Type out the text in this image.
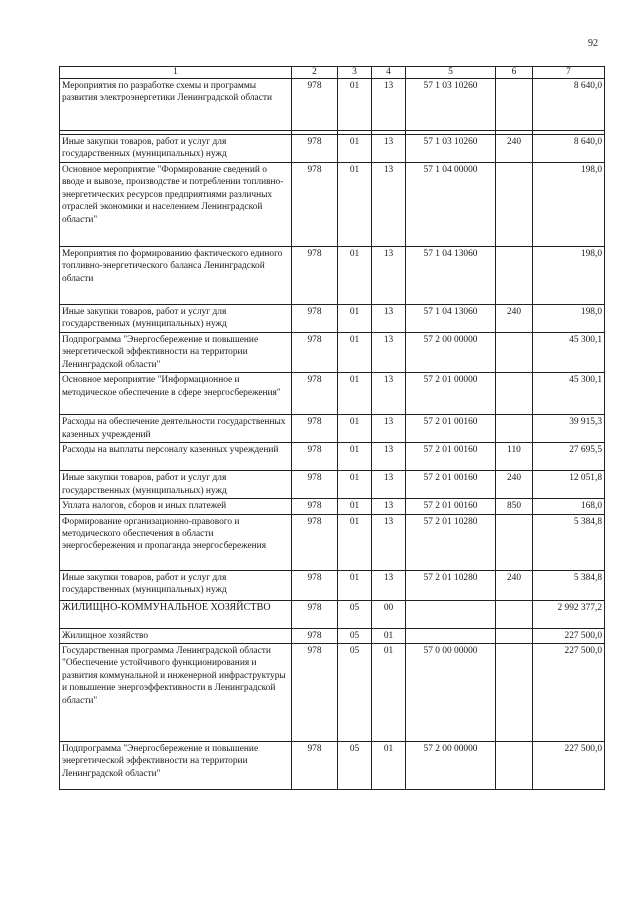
92
1	2	3	4	5	6	7
Мероприятия по разработке схемы и программы развития электроэнергетики Ленинградской области	978	01	13	57 1 03 10260		8 640,0

Иные закупки товаров, работ и услуг для государственных (муниципальных) нужд	978	01	13	57 1 03 10260	240	8 640,0
Основное мероприятие "Формирование сведений о вводе и вывозе, производстве и потреблении топливно-энергетических ресурсов предприятиями различных отраслей экономики и населением Ленинградской области"	978	01	13	57 1 04 00000		198,0
Мероприятия по формированию фактического единого топливно-энергетического баланса Ленинградской области	978	01	13	57 1 04 13060		198,0
Иные закупки товаров, работ и услуг для государственных (муниципальных) нужд	978	01	13	57 1 04 13060	240	198,0
Подпрограмма "Энергосбережение и повышение энергетической эффективности на территории Ленинградской области"	978	01	13	57 2 00 00000		45 300,1
Основное мероприятие "Информационное и методическое обеспечение в сфере энергосбережения"	978	01	13	57 2 01 00000		45 300,1
Расходы на обеспечение деятельности государственных казенных учреждений	978	01	13	57 2 01 00160		39 915,3
Расходы на выплаты персоналу казенных учреждений	978	01	13	57 2 01 00160	110	27 695,5
Иные закупки товаров, работ и услуг для государственных (муниципальных) нужд	978	01	13	57 2 01 00160	240	12 051,8
Уплата налогов, сборов и иных платежей	978	01	13	57 2 01 00160	850	168,0
Формирование организационно-правового и методического обеспечения в области энергосбережения и пропаганда энергосбережения	978	01	13	57 2 01 10280		5 384,8
Иные закупки товаров, работ и услуг для государственных (муниципальных) нужд	978	01	13	57 2 01 10280	240	5 384,8
ЖИЛИЩНО-КОММУНАЛЬНОЕ ХОЗЯЙСТВО	978	05	00			2 992 377,2
Жилищное хозяйство	978	05	01			227 500,0
Государственная программа Ленинградской области "Обеспечение устойчивого функционирования и развития коммунальной и инженерной инфраструктуры и повышение энергоэффективности в Ленинградской области"	978	05	01	57 0 00 00000		227 500,0
Подпрограмма "Энергосбережение и повышение энергетической эффективности на территории Ленинградской области"	978	05	01	57 2 00 00000		227 500,0
